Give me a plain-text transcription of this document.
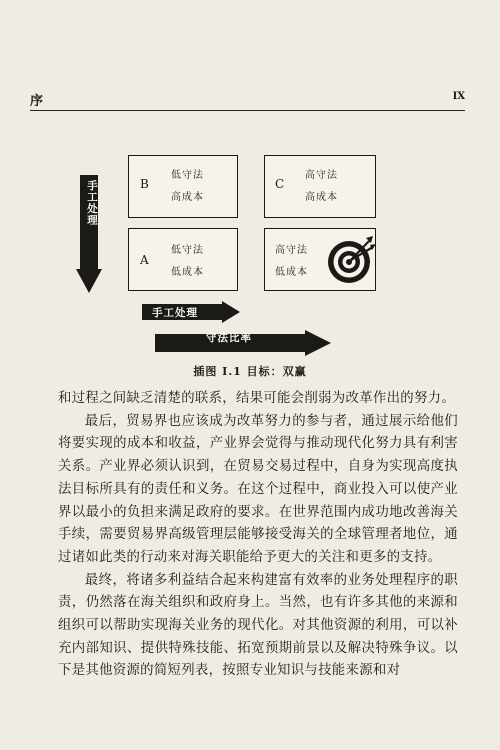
序	IX
手工处理	B
低守法
高成本
C
高守法
高成本
A
低守法
低成本
高守法
低成本
手工处理
守法比率
插图 Ⅰ.1 目标：双赢

和过程之间缺乏清楚的联系，结果可能会削弱为改革作出的努力。

最后，贸易界也应该成为改革努力的参与者，通过展示给他们将要实现的成本和收益，产业界会觉得与推动现代化努力具有利害关系。产业界必须认识到，在贸易交易过程中，自身为实现高度执法目标所具有的责任和义务。在这个过程中，商业投入可以使产业界以最小的负担来满足政府的要求。在世界范围内成功地改善海关手续，需要贸易界高级管理层能够接受海关的全球管理者地位，通过诸如此类的行动来对海关职能给予更大的关注和更多的支持。

最终，将诸多利益结合起来构建富有效率的业务处理程序的职责，仍然落在海关组织和政府身上。当然，也有许多其他的来源和组织可以帮助实现海关业务的现代化。对其他资源的利用，可以补充内部知识、提供特殊技能、拓宽预期前景以及解决特殊争议。以下是其他资源的简短列表，按照专业知识与技能来源和对
